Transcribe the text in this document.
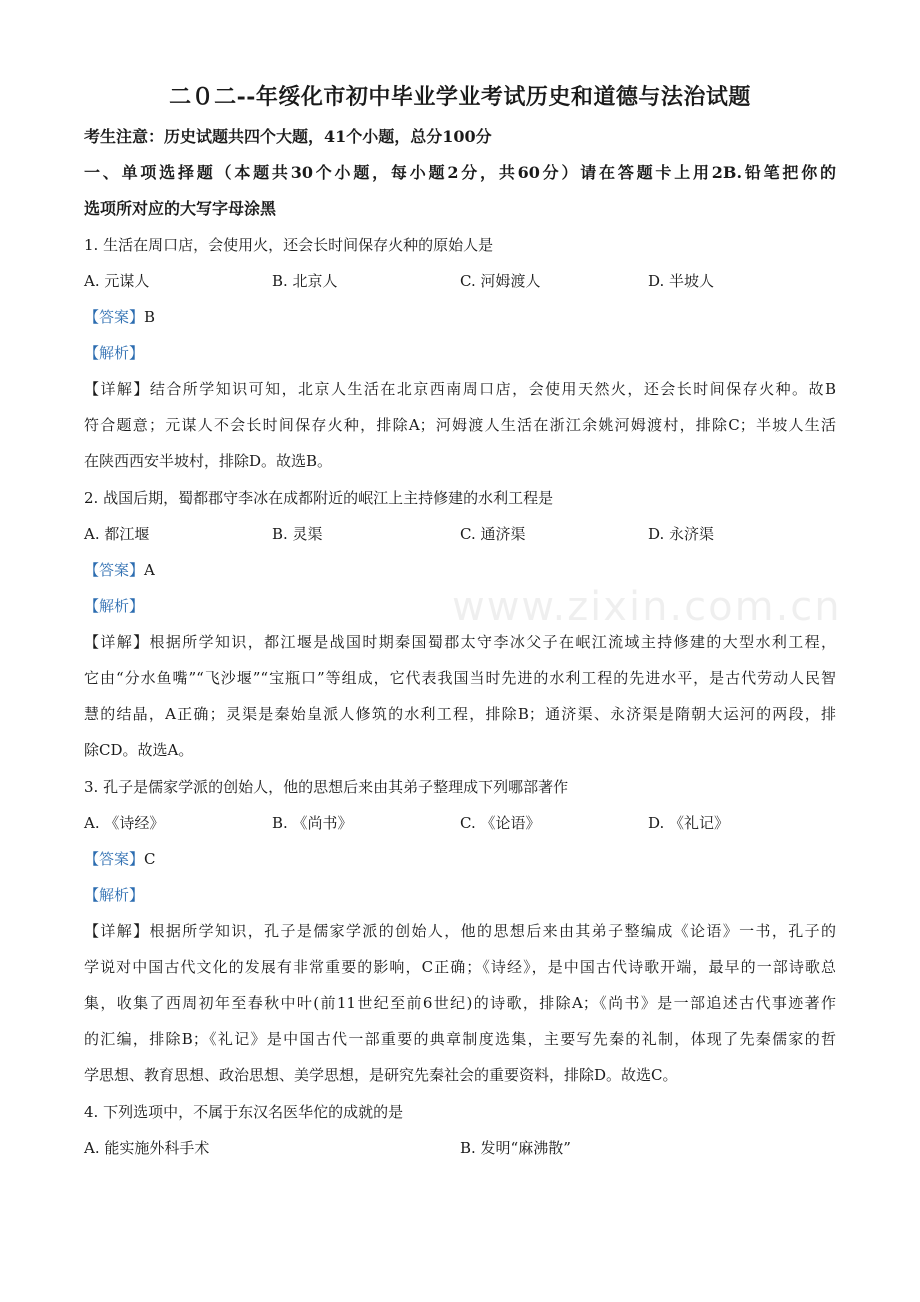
二０二--年绥化市初中毕业学业考试历史和道德与法治试题
考生注意：历史试题共四个大题，41个小题，总分100分
一、单项选择题（本题共30个小题，每小题2分，共60分）请在答题卡上用2B.铅笔把你的
选项所对应的大写字母涂黑
1. 生活在周口店，会使用火，还会长时间保存火种的原始人是
A. 元谋人	B. 北京人	C. 河姆渡人	D. 半坡人
【答案】B
【解析】
【详解】结合所学知识可知，北京人生活在北京西南周口店，会使用天然火，还会长时间保存火种。故B
符合题意；元谋人不会长时间保存火种，排除A；河姆渡人生活在浙江余姚河姆渡村，排除C；半坡人生活
在陕西西安半坡村，排除D。故选B。
2. 战国后期，蜀都郡守李冰在成都附近的岷江上主持修建的水利工程是
A. 都江堰	B. 灵渠	C. 通济渠	D. 永济渠
【答案】A
【解析】
【详解】根据所学知识，都江堰是战国时期秦国蜀郡太守李冰父子在岷江流域主持修建的大型水利工程，
它由“分水鱼嘴”“飞沙堰”“宝瓶口”等组成，它代表我国当时先进的水利工程的先进水平，是古代劳动人民智
慧的结晶，A正确；灵渠是秦始皇派人修筑的水利工程，排除B；通济渠、永济渠是隋朝大运河的两段，排
除CD。故选A。
3. 孔子是儒家学派的创始人，他的思想后来由其弟子整理成下列哪部著作
A. 《诗经》	B. 《尚书》	C. 《论语》	D. 《礼记》
【答案】C
【解析】
【详解】根据所学知识，孔子是儒家学派的创始人，他的思想后来由其弟子整编成《论语》一书，孔子的
学说对中国古代文化的发展有非常重要的影响，C正确；《诗经》，是中国古代诗歌开端，最早的一部诗歌总
集，收集了西周初年至春秋中叶(前11世纪至前6世纪)的诗歌，排除A；《尚书》是一部追述古代事迹著作
的汇编，排除B；《礼记》是中国古代一部重要的典章制度选集，主要写先秦的礼制，体现了先秦儒家的哲
学思想、教育思想、政治思想、美学思想，是研究先秦社会的重要资料，排除D。故选C。
4. 下列选项中，不属于东汉名医华佗的成就的是
A. 能实施外科手术	B. 发明“麻沸散”
www.zixin.com.cn
